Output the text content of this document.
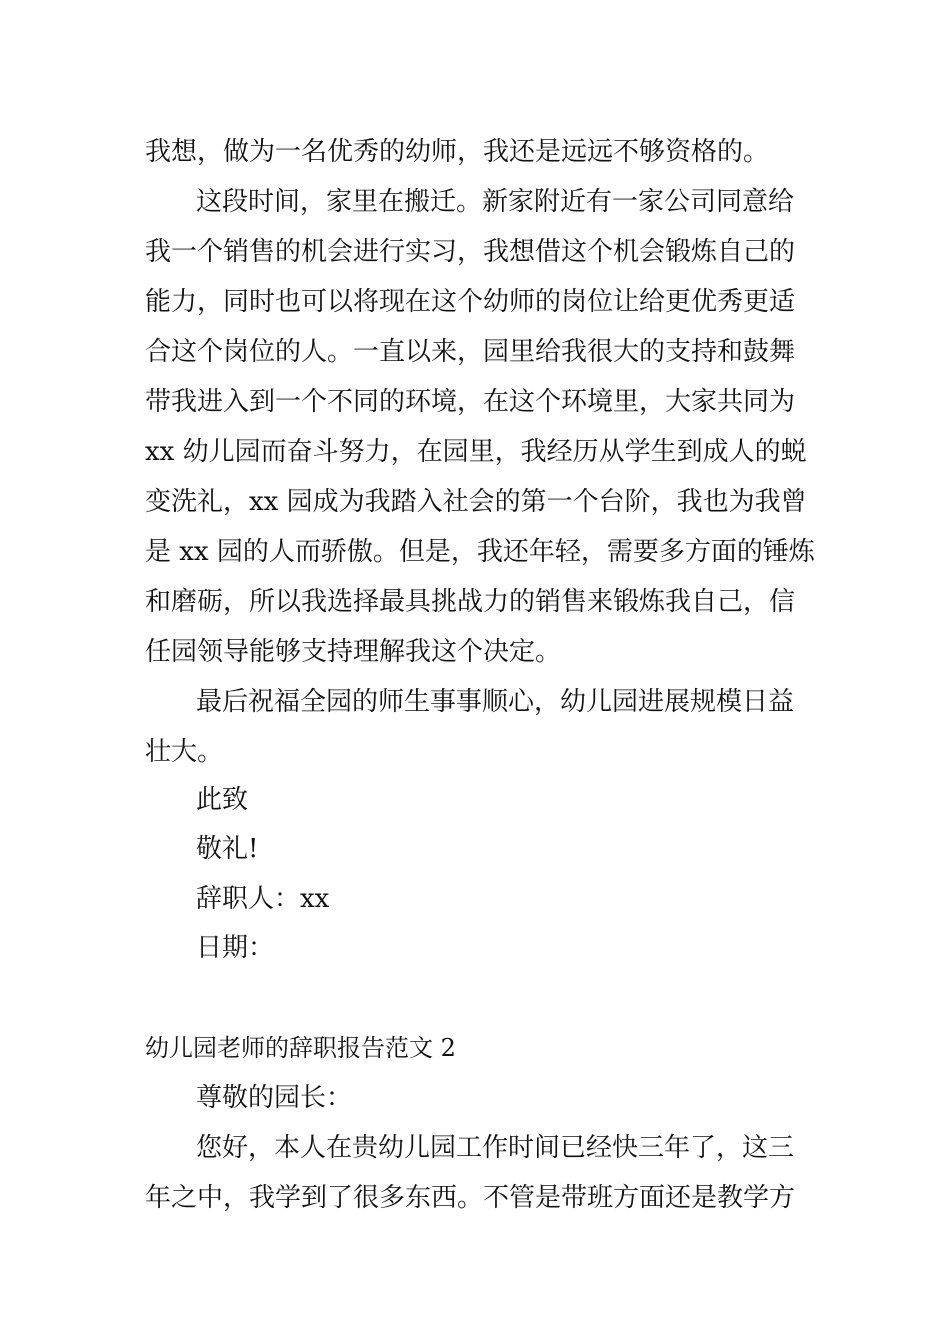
我想，做为一名优秀的幼师，我还是远远不够资格的。
这段时间，家里在搬迁。新家附近有一家公司同意给
我一个销售的机会进行实习，我想借这个机会锻炼自己的
能力，同时也可以将现在这个幼师的岗位让给更优秀更适
合这个岗位的人。一直以来，园里给我很大的支持和鼓舞
带我进入到一个不同的环境，在这个环境里，大家共同为
xx 幼儿园而奋斗努力，在园里，我经历从学生到成人的蜕
变洗礼，xx 园成为我踏入社会的第一个台阶，我也为我曾
是 xx 园的人而骄傲。但是，我还年轻，需要多方面的锤炼
和磨砺，所以我选择最具挑战力的销售来锻炼我自己，信
任园领导能够支持理解我这个决定。
最后祝福全园的师生事事顺心，幼儿园进展规模日益
壮大。
此致
敬礼!
辞职人：xx
日期：
幼儿园老师的辞职报告范文 2
尊敬的园长：
您好，本人在贵幼儿园工作时间已经快三年了，这三
年之中，我学到了很多东西。不管是带班方面还是教学方
